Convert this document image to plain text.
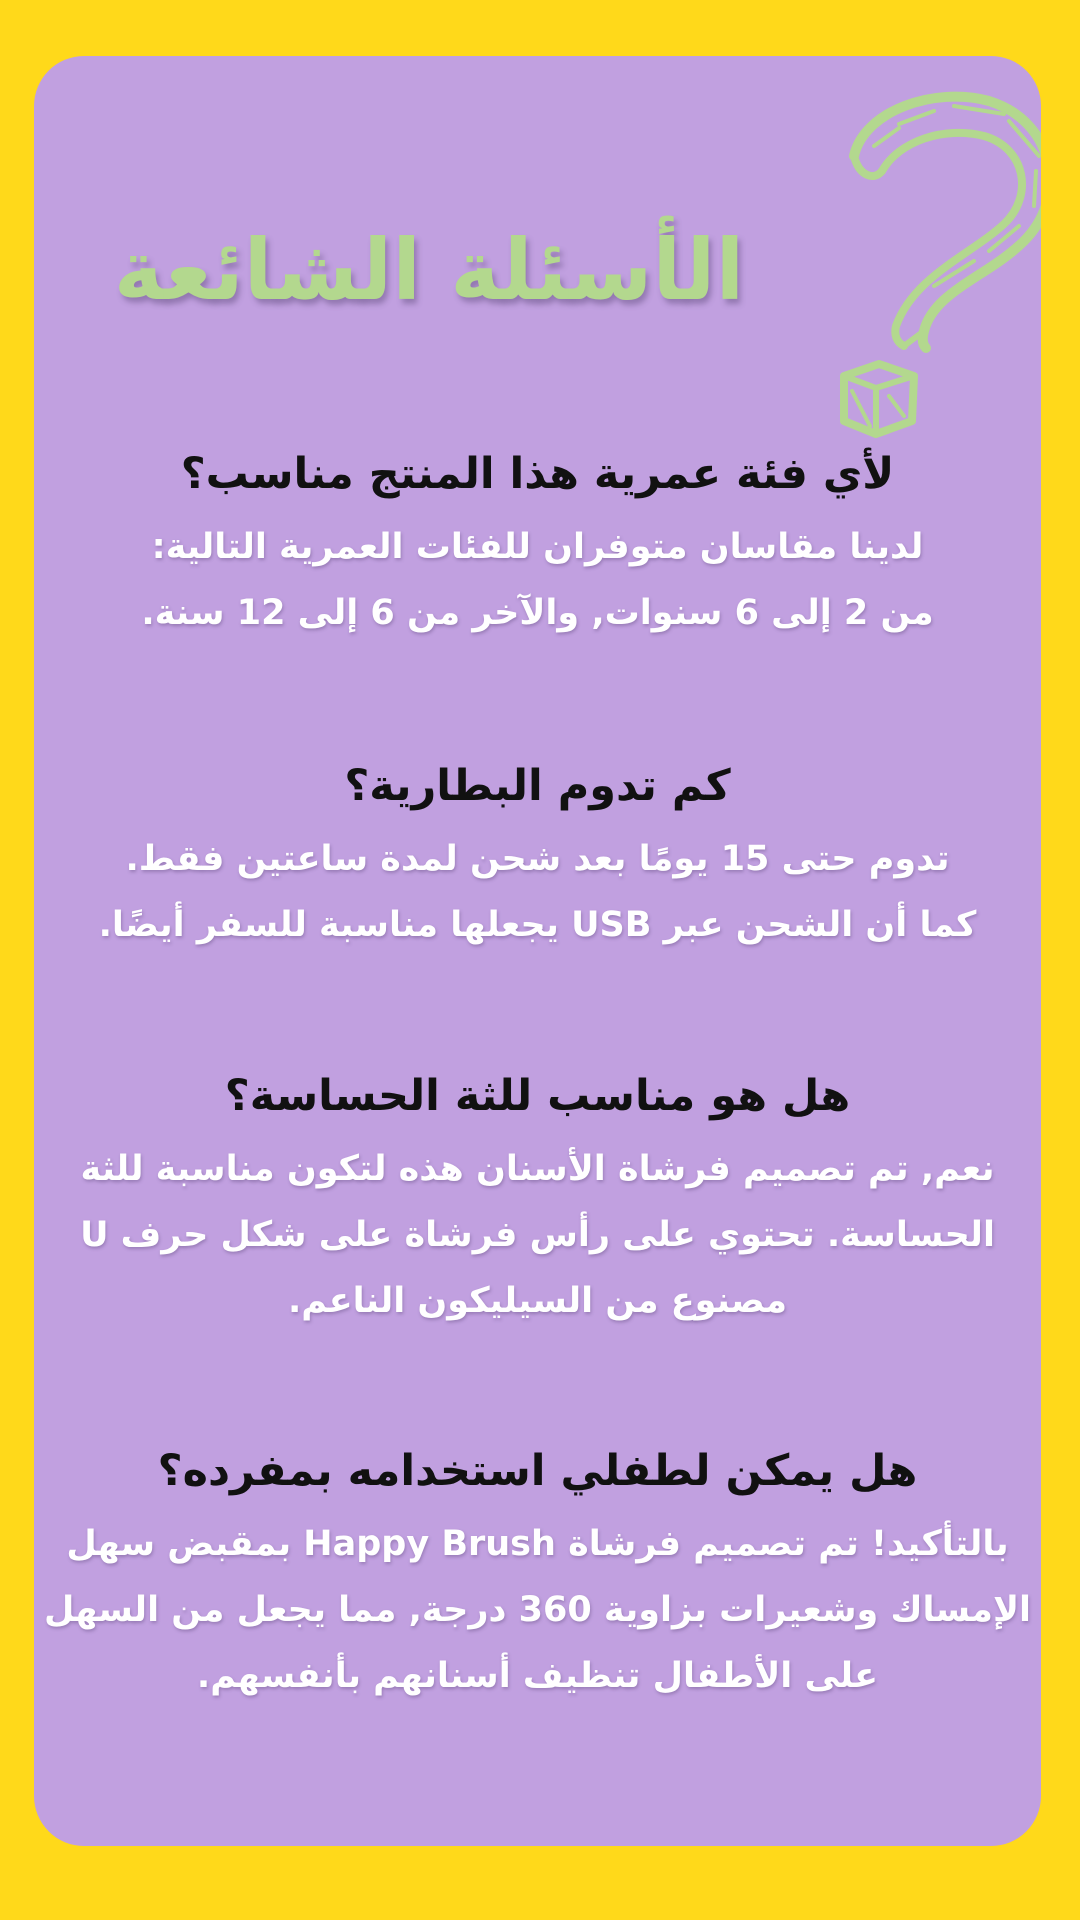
الأسئلة الشائعة
لأي فئة عمرية هذا المنتج مناسب؟
لدينا مقاسان متوفران للفئات العمرية التالية:
من 2 إلى 6 سنوات, والآخر من 6 إلى 12 سنة.
كم تدوم البطارية؟
تدوم حتى 15 يومًا بعد شحن لمدة ساعتين فقط.
كما أن الشحن عبر USB يجعلها مناسبة للسفر أيضًا.
هل هو مناسب للثة الحساسة؟
نعم, تم تصميم فرشاة الأسنان هذه لتكون مناسبة للثة
الحساسة. تحتوي على رأس فرشاة على شكل حرف U
مصنوع من السيليكون الناعم.
هل يمكن لطفلي استخدامه بمفرده؟
بالتأكيد! تم تصميم فرشاة Happy Brush بمقبض سهل
الإمساك وشعيرات بزاوية 360 درجة, مما يجعل من السهل
على الأطفال تنظيف أسنانهم بأنفسهم.
